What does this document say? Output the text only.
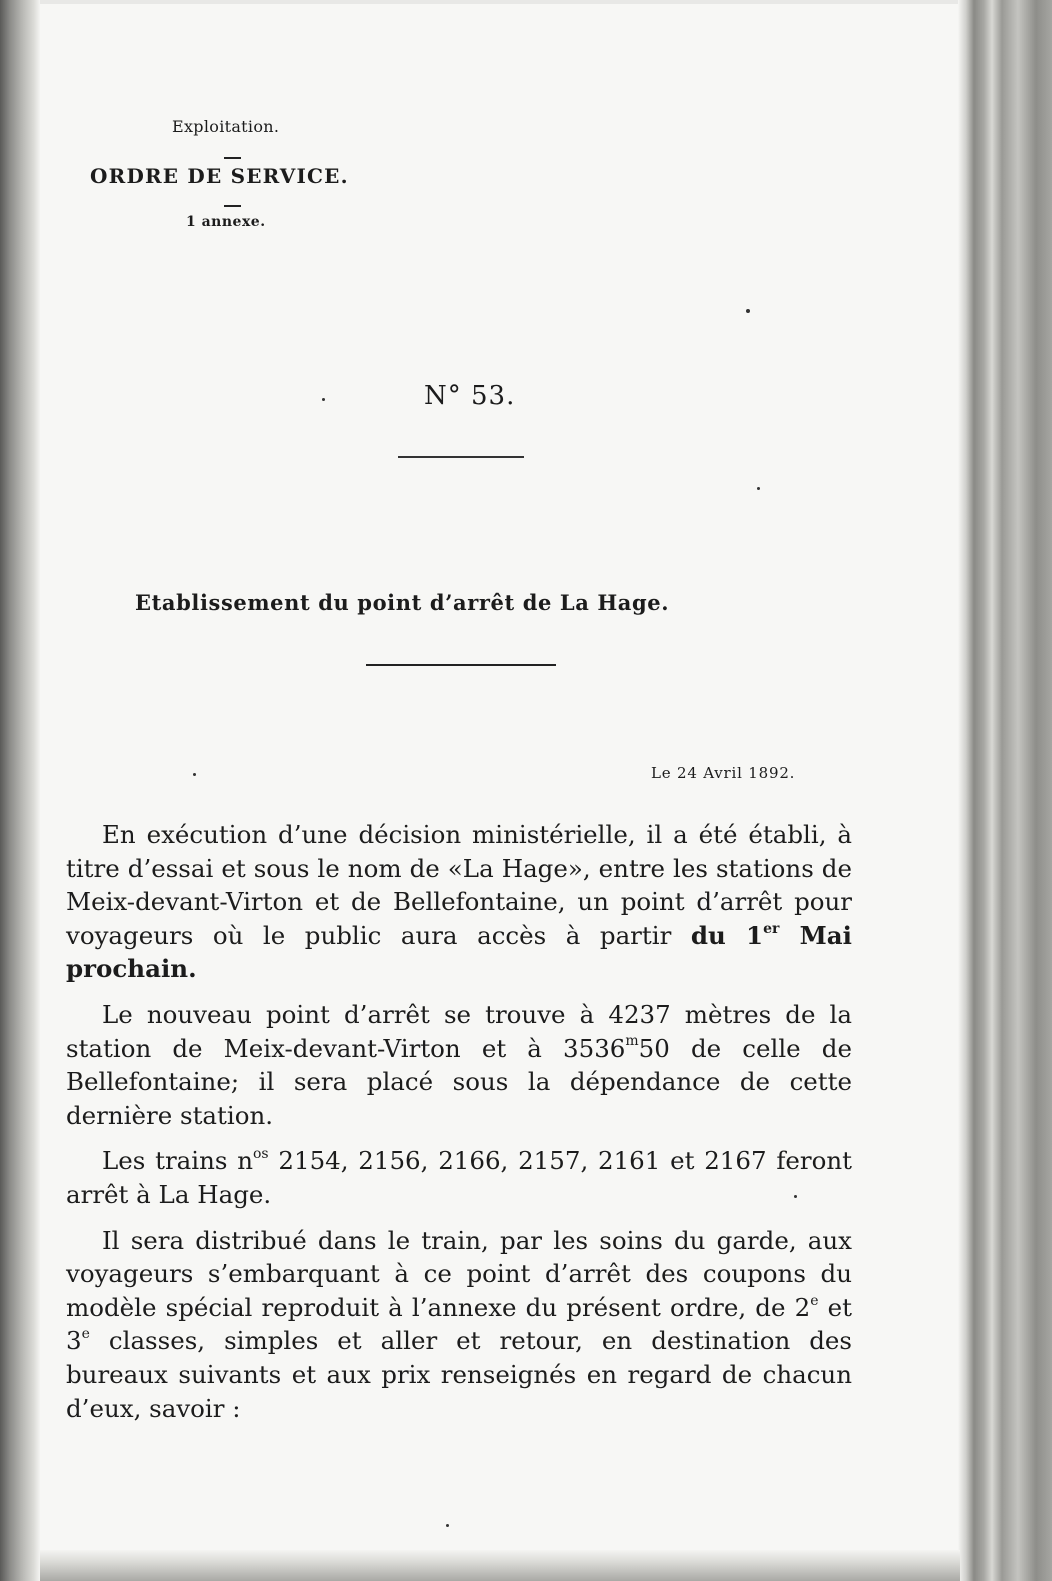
Exploitation.
ORDRE DE SERVICE.
1 annexe.
N° 53.
Etablissement du point d’arrêt de La Hage.
Le 24 Avril 1892.

En exécution d’une décision ministérielle, il a été établi, à titre d’essai et sous le nom de «La Hage», entre les stations de Meix-devant-Virton et de Bellefontaine, un point d’arrêt pour voyageurs où le public aura accès à partir du 1er Mai prochain.

Le nouveau point d’arrêt se trouve à 4237 mètres de la station de Meix-devant-Virton et à 3536$^m$50 de celle de Bellefontaine; il sera placé sous la dépendance de cette dernière station.

Les trains $n^{os}$ 2154, 2156, 2166, 2157, 2161 et 2167 feront arrêt à La Hage.

Il sera distribué dans le train, par les soins du garde, aux voyageurs s’embarquant à ce point d’arrêt des coupons du modèle spécial reproduit à l’annexe du présent ordre, de 2e et 3e classes, simples et aller et retour, en destination des bureaux suivants et aux prix renseignés en regard de chacun d’eux, savoir :
